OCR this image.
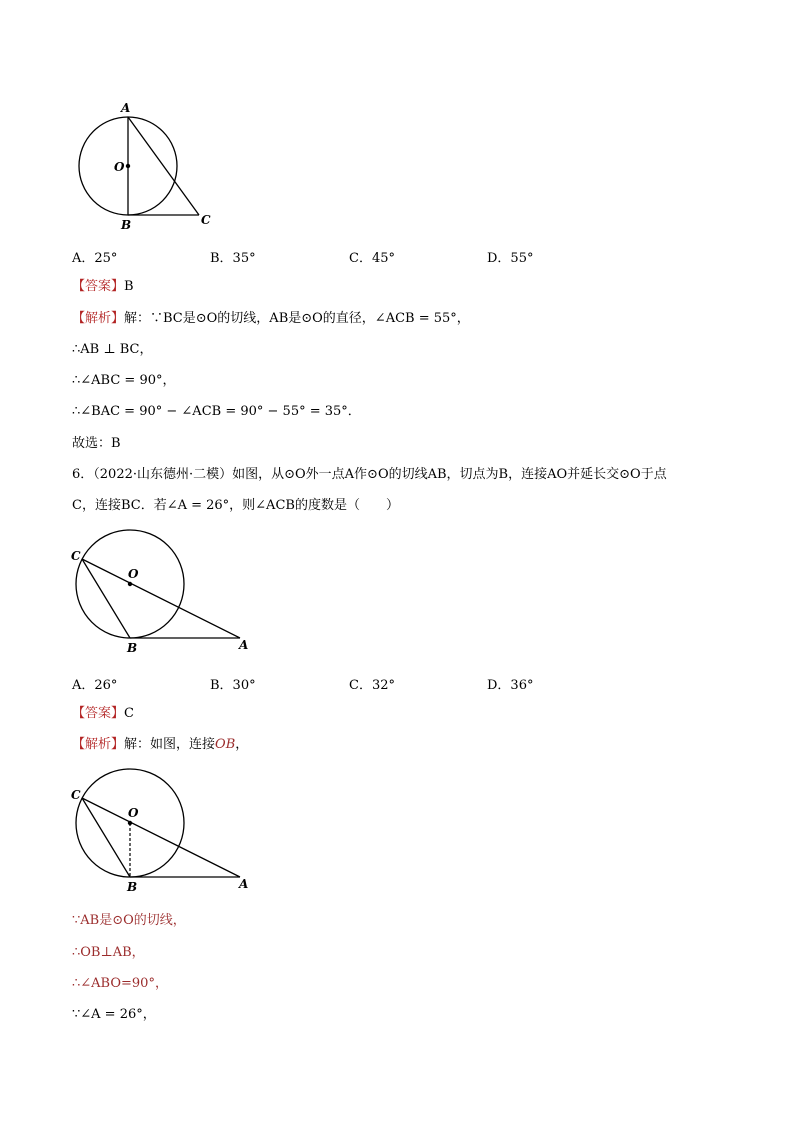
A
O
B	C
A．25°	B．35°	C．45°	D．55°
【答案】B
【解析】解：∵BC是⊙O的切线，AB是⊙O的直径，∠ACB = 55°，
∴AB ⊥ BC，
∴∠ABC = 90°，
∴∠BAC = 90° − ∠ACB = 90° − 55° = 35°．
故选：B
6．（2022·山东德州·二模）如图，从⊙O外一点A作⊙O的切线AB，切点为B，连接AO并延长交⊙O于点
C，连接BC．若∠A = 26°，则∠ACB的度数是（　　）
C
O
B	A
A．26°	B．30°	C．32°	D．36°
【答案】C
【解析】解：如图，连接OB，
C
O
B	A
∵AB是⊙O的切线，
∴OB⊥AB，
∴∠ABO=90°，
∵∠A = 26°，
